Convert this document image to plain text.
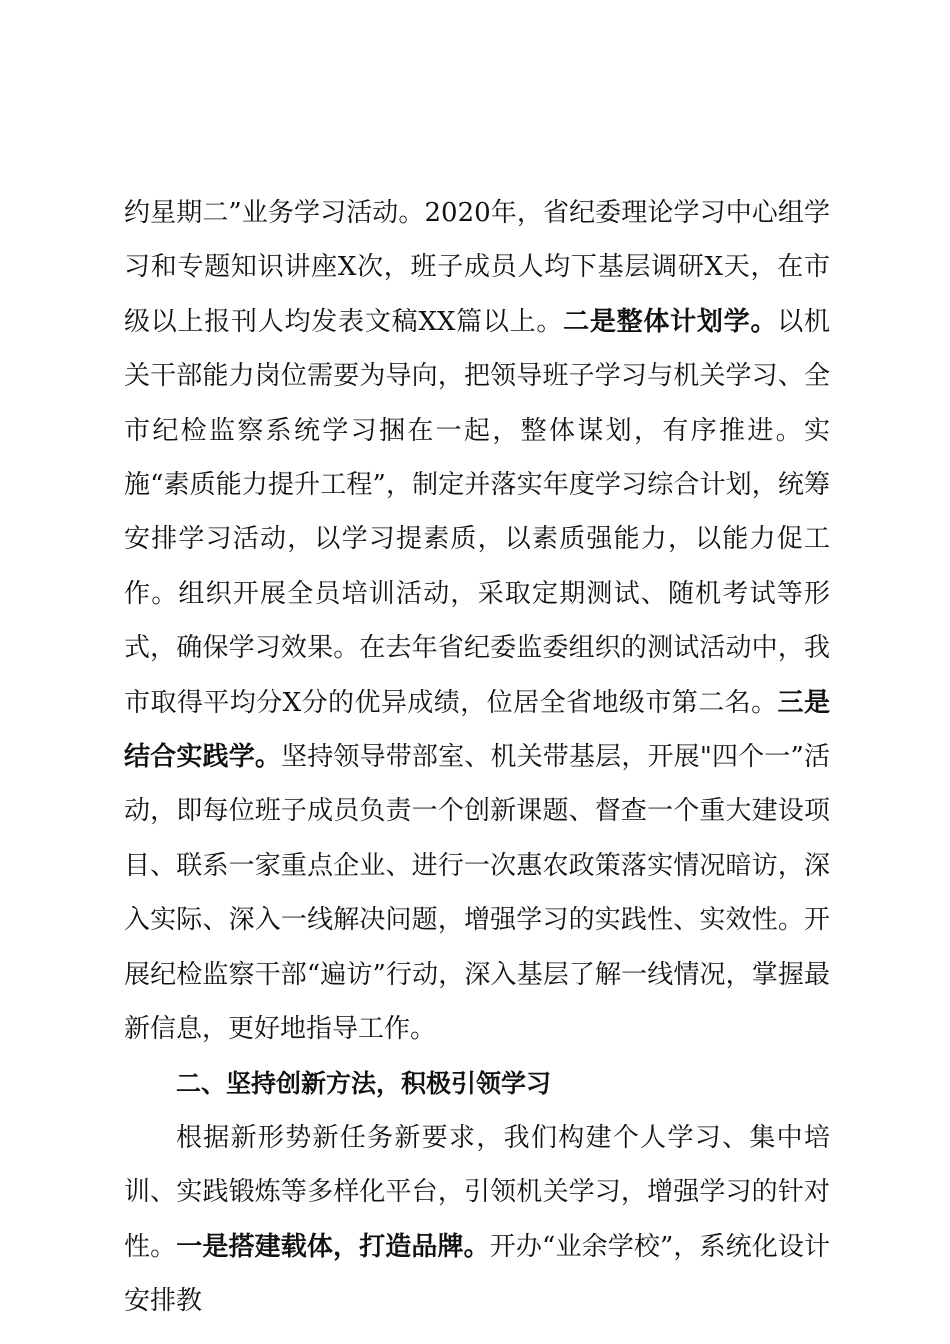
约星期二”业务学习活动。2020年，省纪委理论学习中心组学习和专题知识讲座X次，班子成员人均下基层调研X天，在市级以上报刊人均发表文稿XX篇以上。二是整体计划学。以机关干部能力岗位需要为导向，把领导班子学习与机关学习、全市纪检监察系统学习捆在一起，整体谋划，有序推进。实施“素质能力提升工程”，制定并落实年度学习综合计划，统筹安排学习活动，以学习提素质，以素质强能力，以能力促工作。组织开展全员培训活动，采取定期测试、随机考试等形式，确保学习效果。在去年省纪委监委组织的测试活动中，我市取得平均分X分的优异成绩，位居全省地级市第二名。三是结合实践学。坚持领导带部室、机关带基层，开展"四个一”活动，即每位班子成员负责一个创新课题、督查一个重大建设项目、联系一家重点企业、进行一次惠农政策落实情况暗访，深入实际、深入一线解决问题，增强学习的实践性、实效性。开展纪检监察干部“遍访”行动，深入基层了解一线情况，掌握最新信息，更好地指导工作。

二、坚持创新方法，积极引领学习

根据新形势新任务新要求，我们构建个人学习、集中培训、实践锻炼等多样化平台，引领机关学习，增强学习的针对性。一是搭建载体，打造品牌。开办“业余学校”，系统化设计安排教
